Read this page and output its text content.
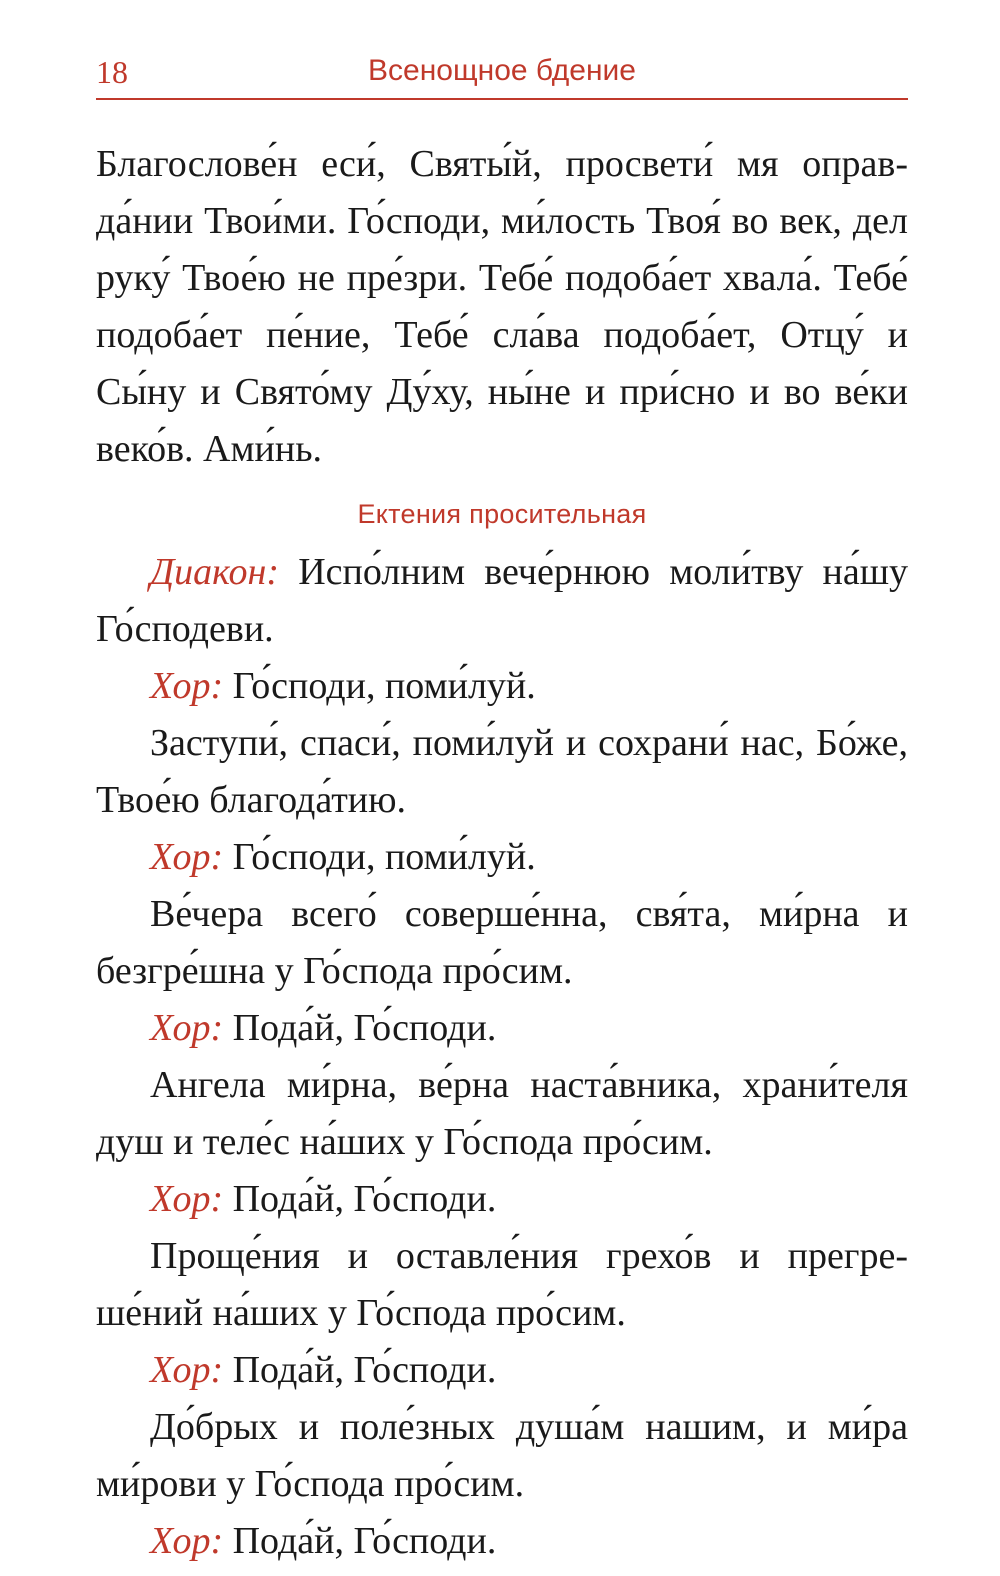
18	Всенощное бдение

Благослове́н еси́, Святы́й, просвети́ мя оправда́нии Твои́ми. Го́споди, ми́лость Твоя́ во век, дел руку́ Твое́ю не пре́зри. Тебе́ подоба́ет хвала́. Тебе́ подоба́ет пе́ние, Тебе́ сла́ва подоба́ет, Отцу́ и Сы́ну и Свято́му Ду́ху, ны́не и при́сно и во ве́ки веко́в. Ами́нь.

Ектения просительная

Диакон: Испо́лним вече́рнюю моли́тву на́шу Го́сподеви.

Хор: Го́споди, поми́луй.

Заступи́, спаси́, поми́луй и сохрани́ нас, Бо́же, Твое́ю благода́тию.

Хор: Го́споди, поми́луй.

Ве́чера всего́ соверше́нна, свя́та, ми́рна и безгре́шна у Го́спода про́сим.

Хор: Пода́й, Го́споди.

Ангела ми́рна, ве́рна наста́вника, храни́теля душ и теле́с на́ших у Го́спода про́сим.

Хор: Пода́й, Го́споди.

Проще́ния и оставле́ния грехо́в и прегреше́ний на́ших у Го́спода про́сим.

Хор: Пода́й, Го́споди.

До́брых и поле́зных душа́м нашим, и ми́ра ми́рови у Го́спода про́сим.

Хор: Пода́й, Го́споди.
